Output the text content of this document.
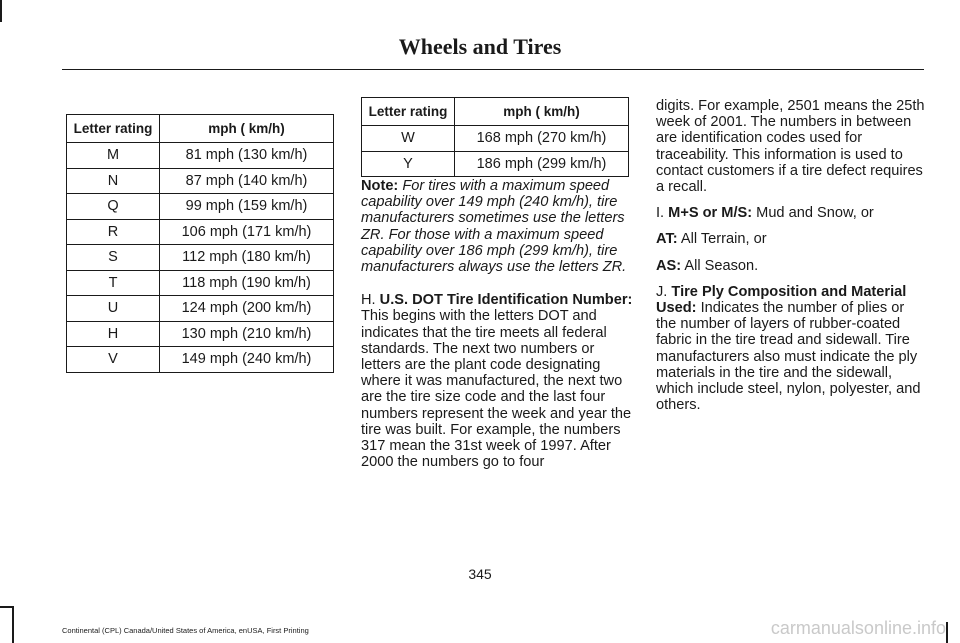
Wheels and Tires
Letter rating	mph ( km/h)
M	81 mph (130 km/h)
N	87 mph (140 km/h)
Q	99 mph (159 km/h)
R	106 mph (171 km/h)
S	112 mph (180 km/h)
T	118 mph (190 km/h)
U	124 mph (200 km/h)
H	130 mph (210 km/h)
V	149 mph (240 km/h)
Letter rating	mph ( km/h)
W	168 mph (270 km/h)
Y	186 mph (299 km/h)

Note: For tires with a maximum speed capability over 149 mph (240 km/h), tire manufacturers sometimes use the letters ZR. For those with a maximum speed capability over 186 mph (299 km/h), tire manufacturers always use the letters ZR.

H. U.S. DOT Tire Identification Number: This begins with the letters DOT and indicates that the tire meets all federal standards. The next two numbers or letters are the plant code designating where it was manufactured, the next two are the tire size code and the last four numbers represent the week and year the tire was built. For example, the numbers 317 mean the 31st week of 1997. After 2000 the numbers go to four

digits. For example, 2501 means the 25th week of 2001. The numbers in between are identification codes used for traceability. This information is used to contact customers if a tire defect requires a recall.

I. M+S or M/S: Mud and Snow, or

AT: All Terrain, or

AS: All Season.

J. Tire Ply Composition and Material Used: Indicates the number of plies or the number of layers of rubber-coated fabric in the tire tread and sidewall. Tire manufacturers also must indicate the ply materials in the tire and the sidewall, which include steel, nylon, polyester, and others.

345
Continental (CPL) Canada/United States of America, enUSA, First Printing	carmanualsonline.info
